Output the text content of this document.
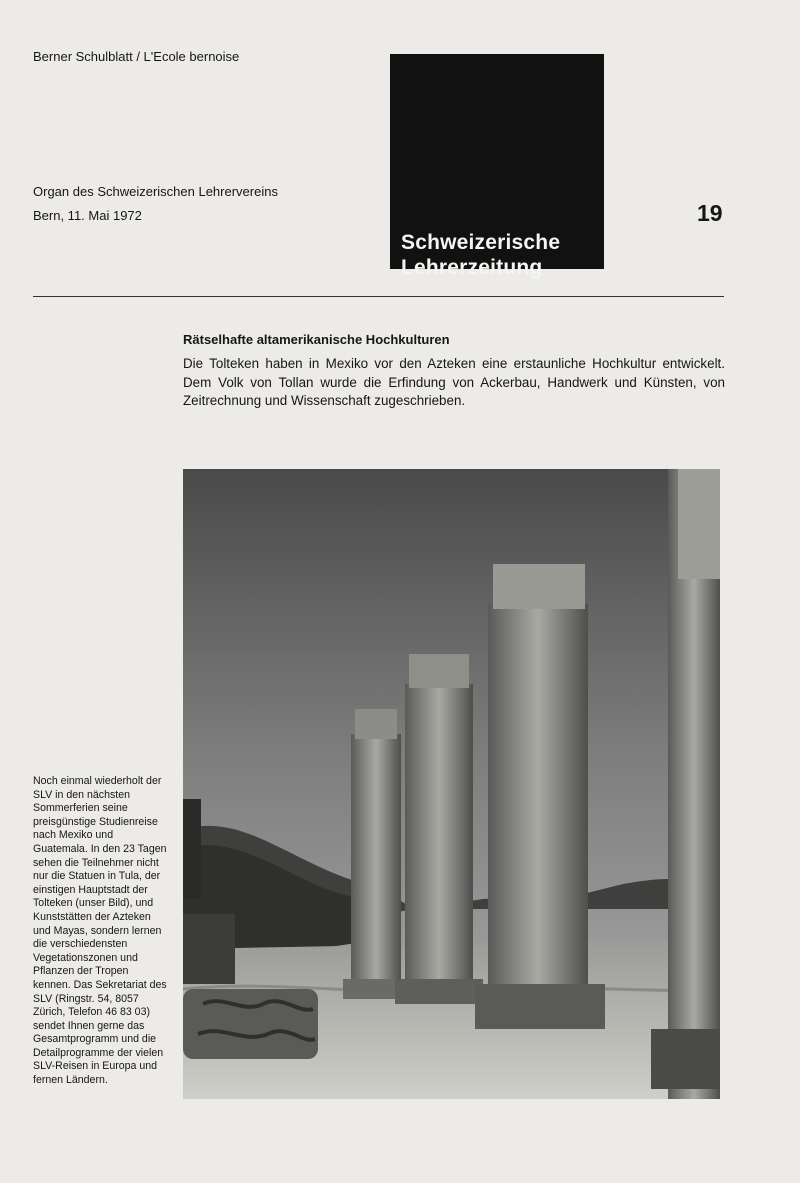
Berner Schulblatt / L'Ecole bernoise
Organ des Schweizerischen Lehrervereins
Bern, 11. Mai 1972
Schweizerische
Lehrerzeitung
19
Rätselhafte altamerikanische Hochkulturen
Die Tolteken haben in Mexiko vor den Azteken eine erstaunliche Hochkultur entwickelt. Dem Volk von Tollan wurde die Erfindung von Ackerbau, Handwerk und Künsten, von Zeitrechnung und Wissenschaft zugeschrieben.
Noch einmal wiederholt der SLV in den nächsten Sommerferien seine preisgünstige Studienreise nach Mexiko und Guatemala. In den 23 Tagen sehen die Teilnehmer nicht nur die Statuen in Tula, der einstigen Hauptstadt der Tolteken (unser Bild), und Kunststätten der Azteken und Mayas, sondern lernen die verschiedensten Vegetationszonen und Pflanzen der Tropen kennen. Das Sekretariat des SLV (Ringstr. 54, 8057 Zürich, Telefon 46 83 03) sendet Ihnen gerne das Gesamtprogramm und die Detailprogramme der vielen SLV-Reisen in Europa und fernen Ländern.
